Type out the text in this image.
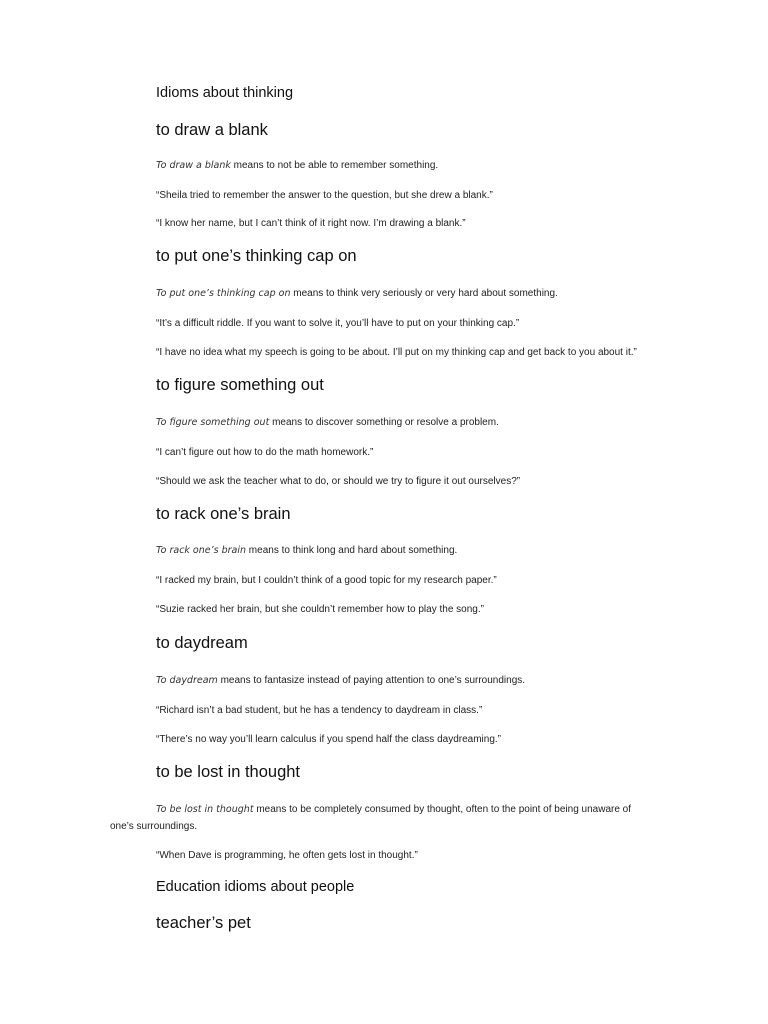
Idioms about thinking

to draw a blank

To draw a blank means to not be able to remember something.

“Sheila tried to remember the answer to the question, but she drew a blank.”

“I know her name, but I can’t think of it right now. I’m drawing a blank.”

to put one’s thinking cap on

To put one’s thinking cap on means to think very seriously or very hard about something.

“It’s a difficult riddle. If you want to solve it, you’ll have to put on your thinking cap.”

“I have no idea what my speech is going to be about. I’ll put on my thinking cap and get back to you about it.”

to figure something out

To figure something out means to discover something or resolve a problem.

“I can’t figure out how to do the math homework.”

“Should we ask the teacher what to do, or should we try to figure it out ourselves?”

to rack one’s brain

To rack one’s brain means to think long and hard about something.

“I racked my brain, but I couldn’t think of a good topic for my research paper.”

“Suzie racked her brain, but she couldn’t remember how to play the song.”

to daydream

To daydream means to fantasize instead of paying attention to one’s surroundings.

“Richard isn’t a bad student, but he has a tendency to daydream in class.”

“There’s no way you’ll learn calculus if you spend half the class daydreaming.”

to be lost in thought

To be lost in thought means to be completely consumed by thought, often to the point of being unaware of one’s surroundings.

“When Dave is programming, he often gets lost in thought.”

Education idioms about people

teacher’s pet
